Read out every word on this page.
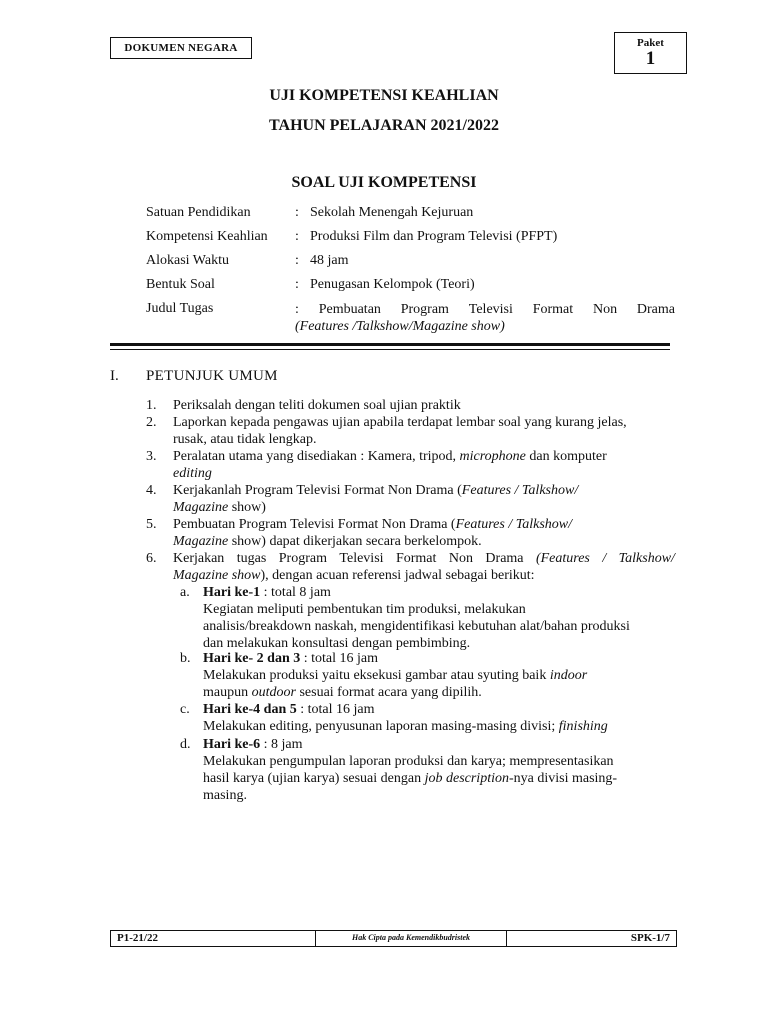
DOKUMEN NEGARA	Paket
1
UJI KOMPETENSI KEAHLIAN
TAHUN PELAJARAN 2021/2022
SOAL UJI KOMPETENSI
Satuan Pendidikan	: Sekolah Menengah Kejuruan
Kompetensi Keahlian : Produksi Film dan Program Televisi (PFPT)
Alokasi Waktu	: 48 jam
Bentuk Soal	: Penugasan Kelompok (Teori)
Judul Tugas	: Pembuatan Program Televisi Format Non Drama
(Features /Talkshow/Magazine show)
I. PETUNJUK UMUM
1. Periksalah dengan teliti dokumen soal ujian praktik
2. Laporkan kepada pengawas ujian apabila terdapat lembar soal yang kurang jelas,
rusak, atau tidak lengkap.
3. Peralatan utama yang disediakan : Kamera, tripod, microphone dan komputer
editing
4. Kerjakanlah Program Televisi Format Non Drama (Features / Talkshow/
Magazine show)
5. Pembuatan Program Televisi Format Non Drama (Features / Talkshow/
Magazine show) dapat dikerjakan secara berkelompok.
6. Kerjakan tugas Program Televisi Format Non Drama (Features / Talkshow/
Magazine show), dengan acuan referensi jadwal sebagai berikut:
a. Hari ke-1 : total 8 jam
Kegiatan meliputi pembentukan tim produksi, melakukan
analisis/breakdown naskah, mengidentifikasi kebutuhan alat/bahan produksi
dan melakukan konsultasi dengan pembimbing.
b. Hari ke- 2 dan 3 : total 16 jam
Melakukan produksi yaitu eksekusi gambar atau syuting baik indoor
maupun outdoor sesuai format acara yang dipilih.
c. Hari ke-4 dan 5 : total 16 jam
Melakukan editing, penyusunan laporan masing-masing divisi; finishing
d. Hari ke-6 : 8 jam
Melakukan pengumpulan laporan produksi dan karya; mempresentasikan
hasil karya (ujian karya) sesuai dengan job description-nya divisi masing-
masing.
P1-21/22	Hak Cipta pada Kemendikbudristek	SPK-1/7
